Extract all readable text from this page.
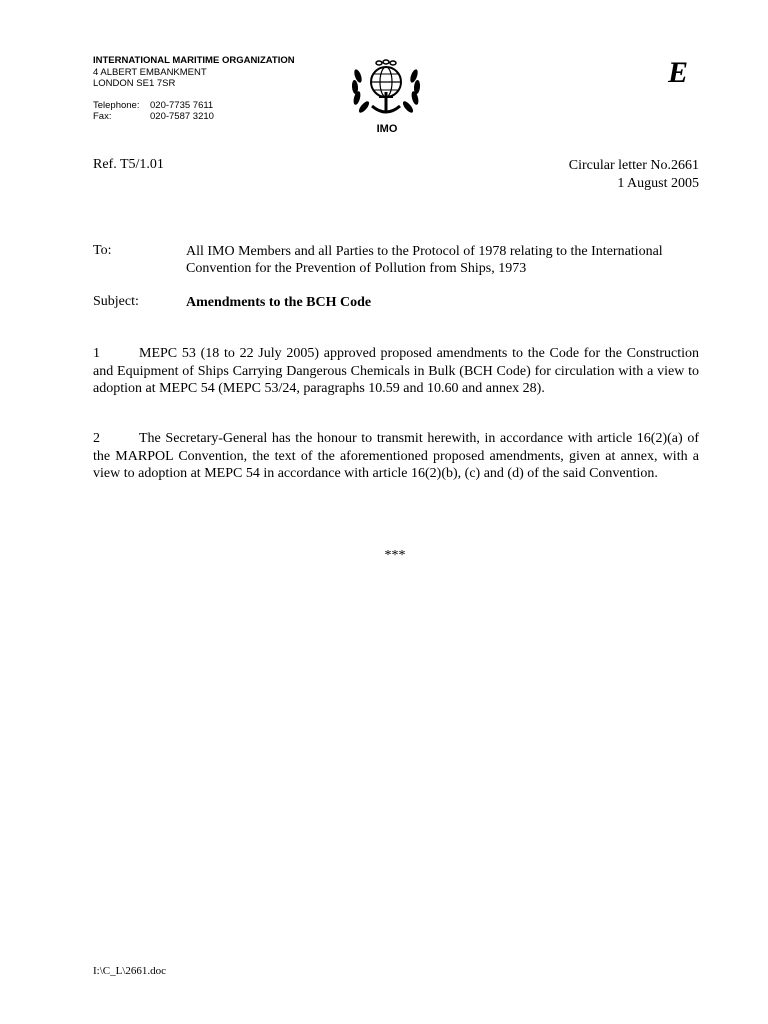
INTERNATIONAL MARITIME ORGANIZATION
4 ALBERT EMBANKMENT
LONDON SE1 7SR
Telephone:	020-7735 7611
Fax:	020-7587 3210
IMO
E
Ref. T5/1.01	Circular letter No.2661
1 August 2005
To:	All IMO Members and all Parties to the Protocol of 1978 relating to the International Convention for the Prevention of Pollution from Ships, 1973
Subject:	Amendments to the BCH Code
1	MEPC 53 (18 to 22 July 2005) approved proposed amendments to the Code for the Construction and Equipment of Ships Carrying Dangerous Chemicals in Bulk (BCH Code) for circulation with a view to adoption at MEPC 54 (MEPC 53/24, paragraphs 10.59 and 10.60 and annex 28).
2	The Secretary-General has the honour to transmit herewith, in accordance with article 16(2)(a) of the MARPOL Convention, the text of the aforementioned proposed amendments, given at annex, with a view to adoption at MEPC 54 in accordance with article 16(2)(b), (c) and (d) of the said Convention.
***
I:\C_L\2661.doc
